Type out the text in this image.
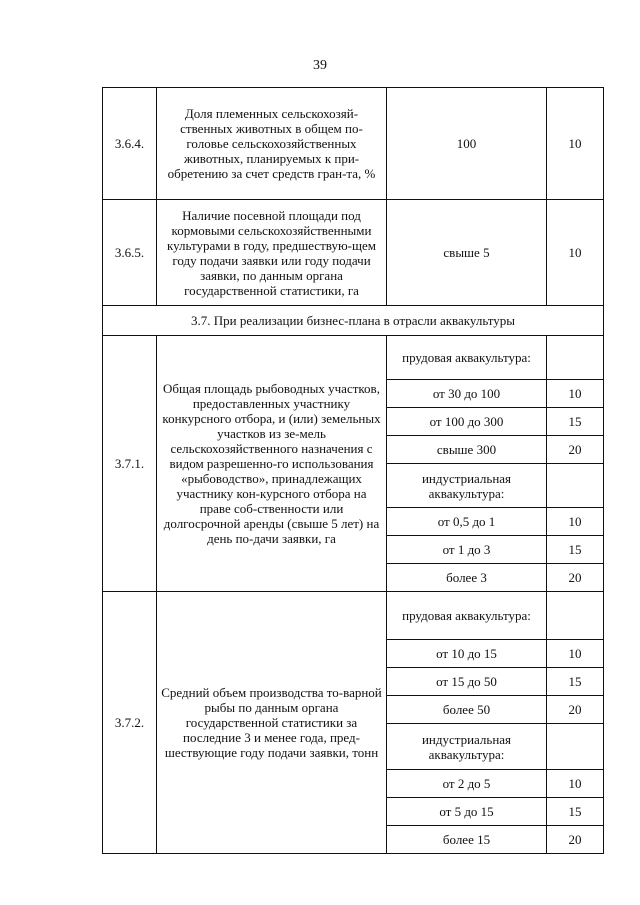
39
3.6.4.	Доля племенных сельскохозяй-ственных животных в общем по-головье сельскохозяйственных животных, планируемых к при-обретению за счет средств гран-та, %	100	10
3.6.5.	Наличие посевной площади под кормовыми сельскохозяйственными культурами в году, предшествую-щем году подачи заявки или году подачи заявки, по данным органа государственной статистики, га	свыше 5	10
3.7. При реализации бизнес-плана в отрасли аквакультуры			
3.7.1.	Общая площадь рыбоводных участков, предоставленных участнику конкурсного отбора, и (или) земельных участков из зе-мель сельскохозяйственного назначения с видом разрешенно-го использования «рыбоводство», принадлежащих участнику кон-курсного отбора на праве соб-ственности или долгосрочной аренды (свыше 5 лет) на день по-дачи заявки, га	прудовая аквакультура:	
		от 30 до 100	10
		от 100 до 300	15
		свыше 300	20
		индустриальная аквакультура:	
		от 0,5 до 1	10
		от 1 до 3	15
		более 3	20
3.7.2.	Средний объем производства то-варной рыбы по данным органа государственной статистики за последние 3 и менее года, пред-шествующие году подачи заявки, тонн	прудовая аквакультура:	
		от 10 до 15	10
		от 15 до 50	15
		более 50	20
		индустриальная аквакультура:	
		от 2 до 5	10
		от 5 до 15	15
		более 15	20
